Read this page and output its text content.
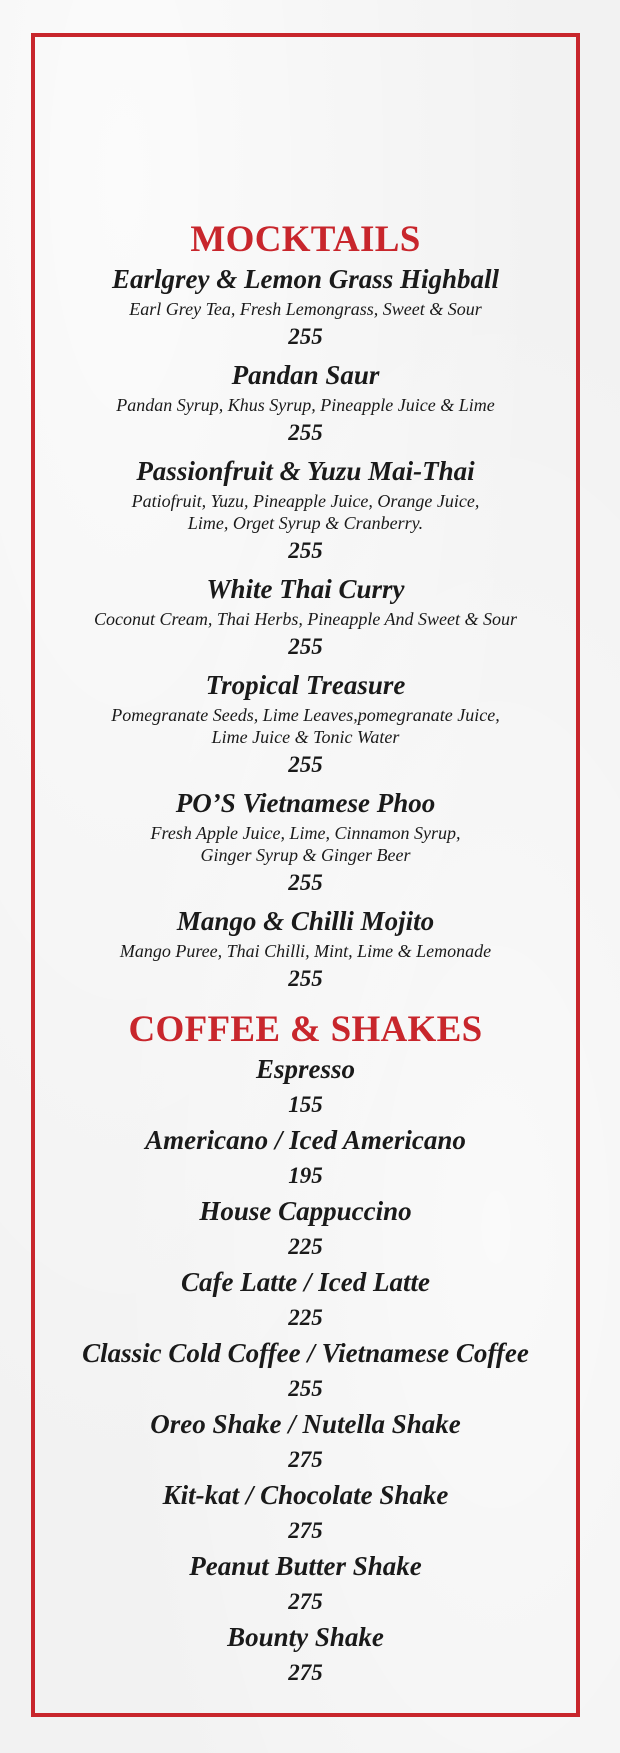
MOCKTAILS

Earlgrey & Lemon Grass Highball

Earl Grey Tea, Fresh Lemongrass, Sweet & Sour

255

Pandan Saur

Pandan Syrup, Khus Syrup, Pineapple Juice & Lime

255

Passionfruit & Yuzu Mai-Thai

Patiofruit, Yuzu, Pineapple Juice, Orange Juice,
Lime, Orget Syrup & Cranberry.

255

White Thai Curry

Coconut Cream, Thai Herbs, Pineapple And Sweet & Sour

255

Tropical Treasure

Pomegranate Seeds, Lime Leaves,pomegranate Juice,
Lime Juice & Tonic Water

255

PO’S Vietnamese Phoo

Fresh Apple Juice, Lime, Cinnamon Syrup,
Ginger Syrup & Ginger Beer

255

Mango & Chilli Mojito

Mango Puree, Thai Chilli, Mint, Lime & Lemonade

255

COFFEE & SHAKES

Espresso

155

Americano / Iced Americano

195

House Cappuccino

225

Cafe Latte / Iced Latte

225

Classic Cold Coffee / Vietnamese Coffee

255

Oreo Shake / Nutella Shake

275

Kit-kat / Chocolate Shake

275

Peanut Butter Shake

275

Bounty Shake

275
